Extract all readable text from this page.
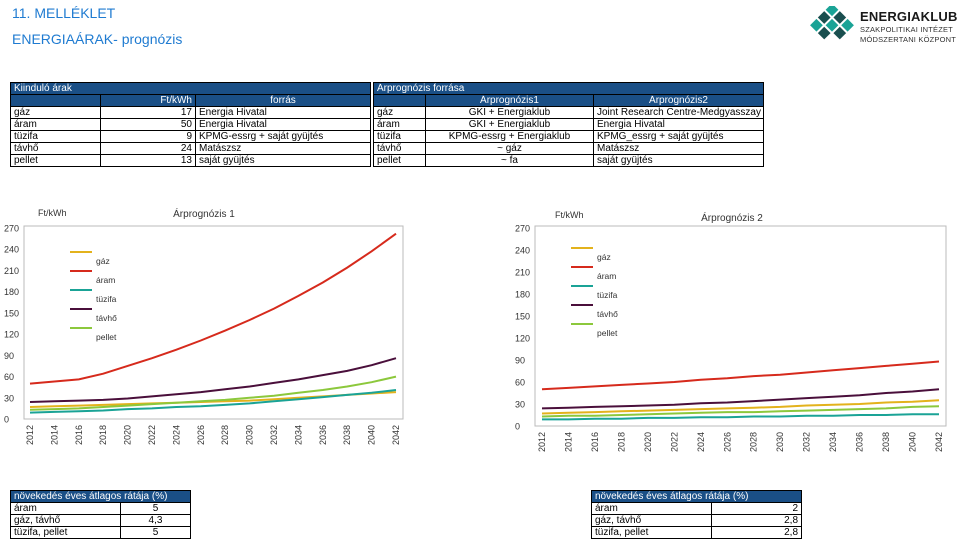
11. MELLÉKLET
ENERGIAÁRAK- prognózis
ENERGIAKLUB
SZAKPOLITIKAI INTÉZET
MÓDSZERTANI KÖZPONT
Kiinduló árak		
	Ft/kWh	forrás
gáz	17	Energia Hivatal
áram	50	Energia Hivatal
tüzifa	9	KPMG-essrg + saját gyüjtés
távhő	24	Matászsz
pellet	13	saját gyüjtés
Árprognózis forrása		
	Árprognózis1	Árprognózis2
gáz	GKI + Energiaklub	Joint Research Centre-Medgyasszay
áram	GKI + Energiaklub	Energia Hivatal
tüzifa	KPMG-essrg + Energiaklub	KPMG_essrg + saját gyüjtés
távhő	~ gáz	Matászsz
pellet	~ fa	saját gyüjtés
0
30
60
90
120
150
180
210
240
270
2012 2014 2016 2018 2020 2022 2024 2026 2028 2030 2032 2034 2036 2038 2040 2042
Ft/kWh	Árprognózis 1
gáz
áram
tüzifa
távhő
pellet
0
30
60
90
120
150
180
210
240
270
2012 2014 2016 2018 2020 2022 2024 2026 2028 2030 2032 2034 2036 2038 2040 2042
Ft/kWh	Árprognózis 2
gáz
áram
tüzifa
távhő
pellet
növekedés éves átlagos rátája (%)	
áram	5
gáz, távhő	4,3
tüzifa, pellet	5
növekedés éves átlagos rátája (%)	
áram	2
gáz, távhő	2,8
tüzifa, pellet	2,8
